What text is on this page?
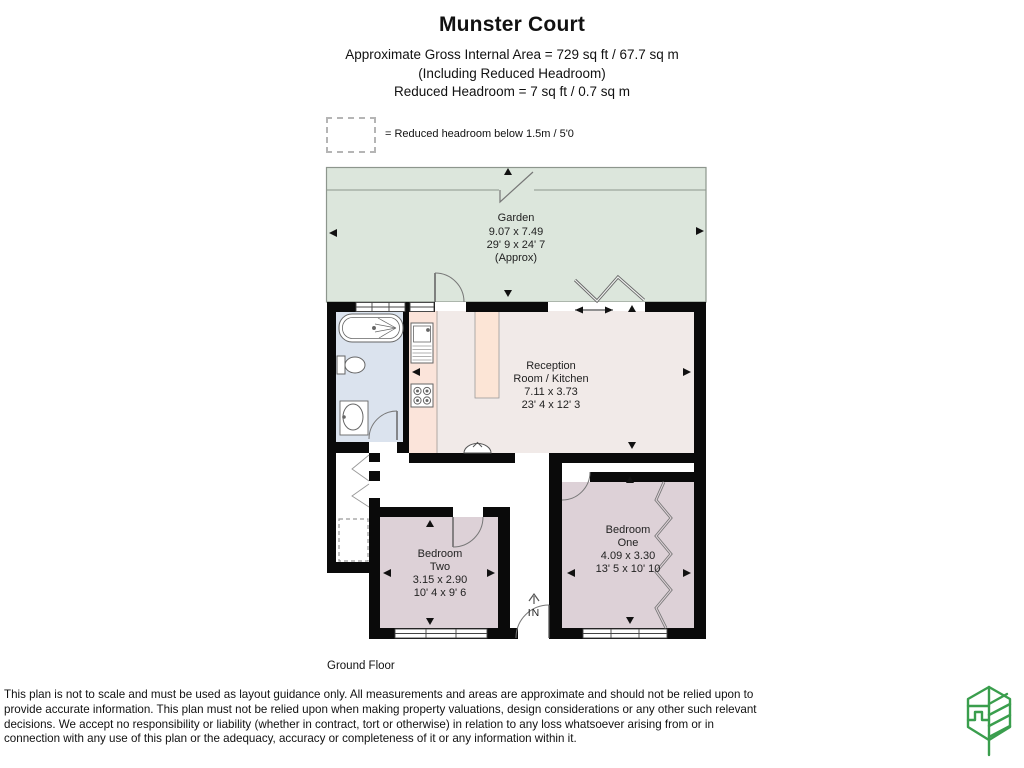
Munster Court
Approximate Gross Internal Area = 729 sq ft / 67.7 sq m
(Including Reduced Headroom)
Reduced Headroom = 7 sq ft / 0.7 sq m
= Reduced headroom below 1.5m / 5'0
Garden
9.07 x 7.49
29' 9 x 24' 7
(Approx)
Reception
Room / Kitchen
7.11 x 3.73
23' 4 x 12' 3
Bedroom
One
4.09 x 3.30
13' 5 x 10' 10
Bedroom
Two
3.15 x 2.90
10' 4 x 9' 6
IN
Ground Floor
This plan is not to scale and must be used as layout guidance only. All measurements and areas are approximate and should not be relied upon to
provide accurate information. This plan must not be relied upon when making property valuations, design considerations or any other such relevant
decisions. We accept no responsibility or liability (whether in contract, tort or otherwise) in relation to any loss whatsoever arising from or in
connection with any use of this plan or the adequacy, accuracy or completeness of it or any information within it.
